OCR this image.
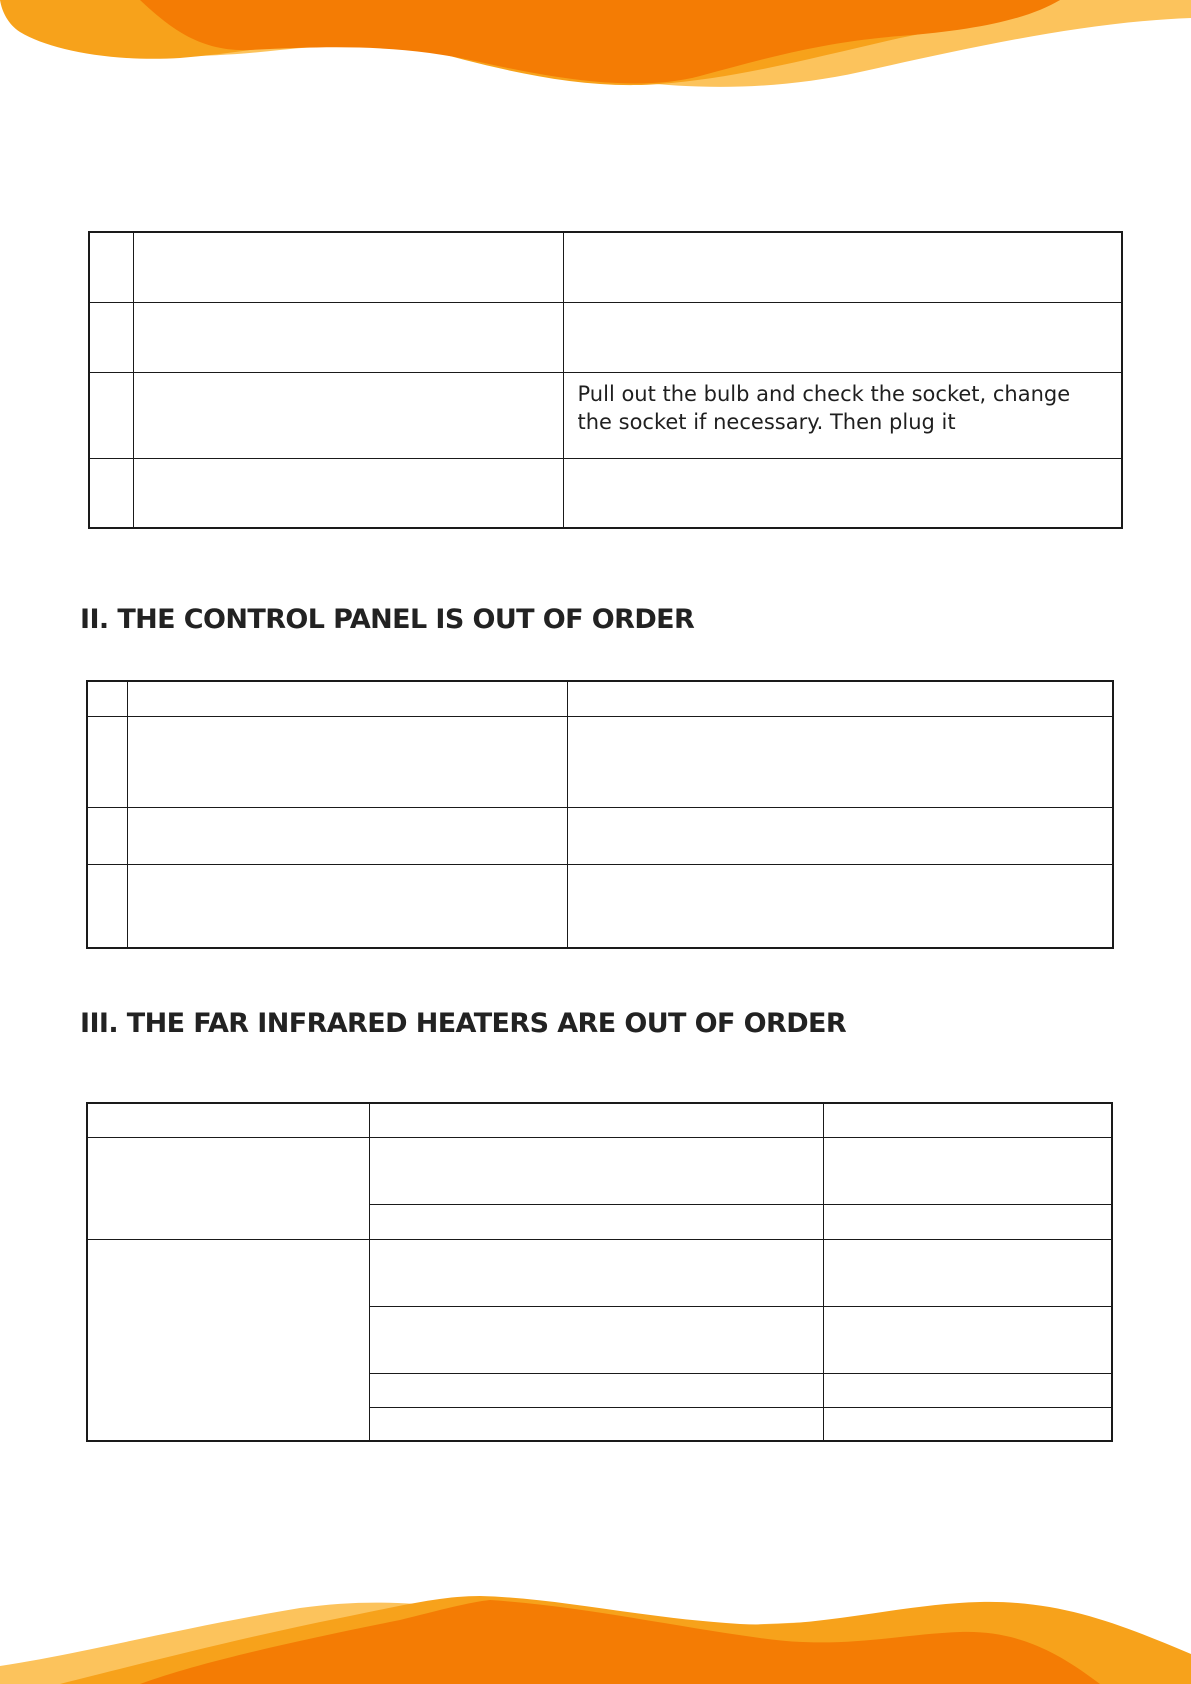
		Pull out the bulb and check the socket, change the socket if necessary. Then plug it

II. THE CONTROL PANEL IS OUT OF ORDER

III. THE FAR INFRARED HEATERS ARE OUT OF ORDER
